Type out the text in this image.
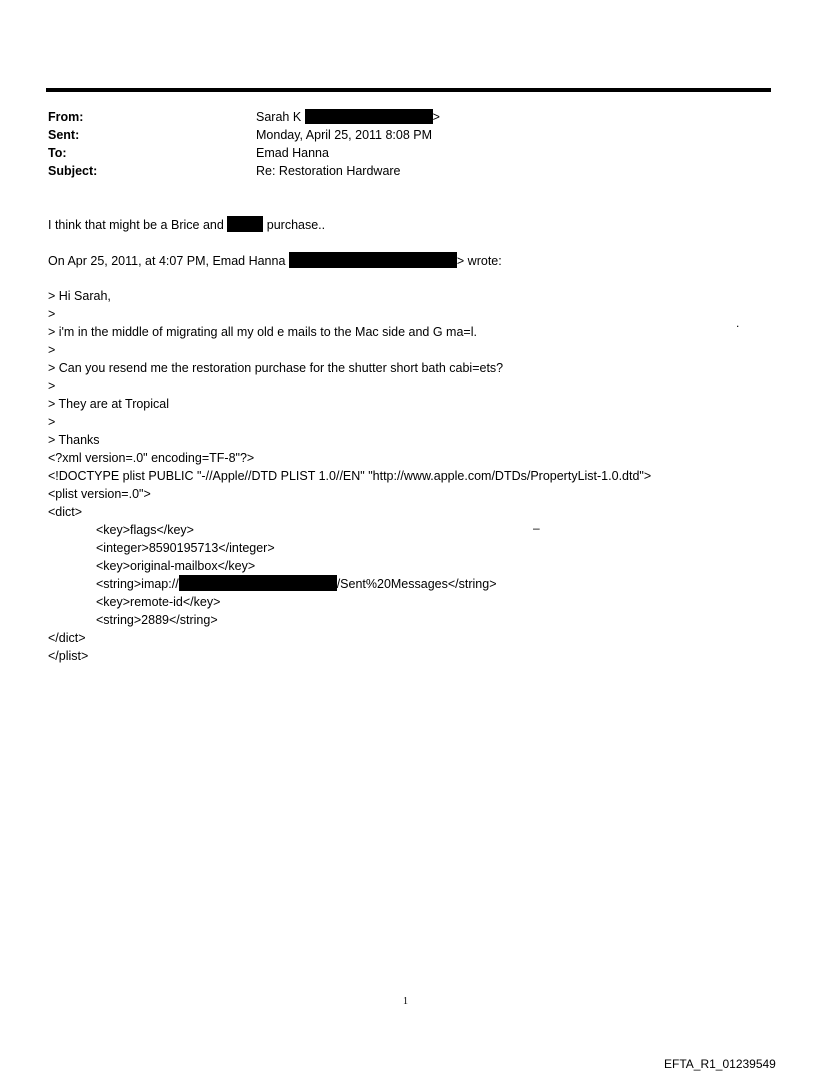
From:	Sarah K	>
Sent:	Monday, April 25, 2011 8:08 PM
To:	Emad Hanna
Subject:	Re: Restoration Hardware
I think that might be a Brice and	purchase..
On Apr 25, 2011, at 4:07 PM, Emad Hanna	> wrote:
> Hi Sarah,
>
> i'm in the middle of migrating all my old e mails to the Mac side and G ma=l.
>
> Can you resend me the restoration purchase for the shutter short bath cabi=ets?
>
> They are at Tropical
>
> Thanks
<?xml version=.0" encoding=TF-8"?>
<!DOCTYPE plist PUBLIC "-//Apple//DTD PLIST 1.0//EN" "http://www.apple.com/DTDs/PropertyList-1.0.dtd">
<plist version=.0">
<dict>
<key>flags</key>
<integer>8590195713</integer>
<key>original-mailbox</key>
<string>imap://	/Sent%20Messages</string>
<key>remote-id</key>
<string>2889</string>
</dict>
</plist>
.
–
1
EFTA_R1_01239549
